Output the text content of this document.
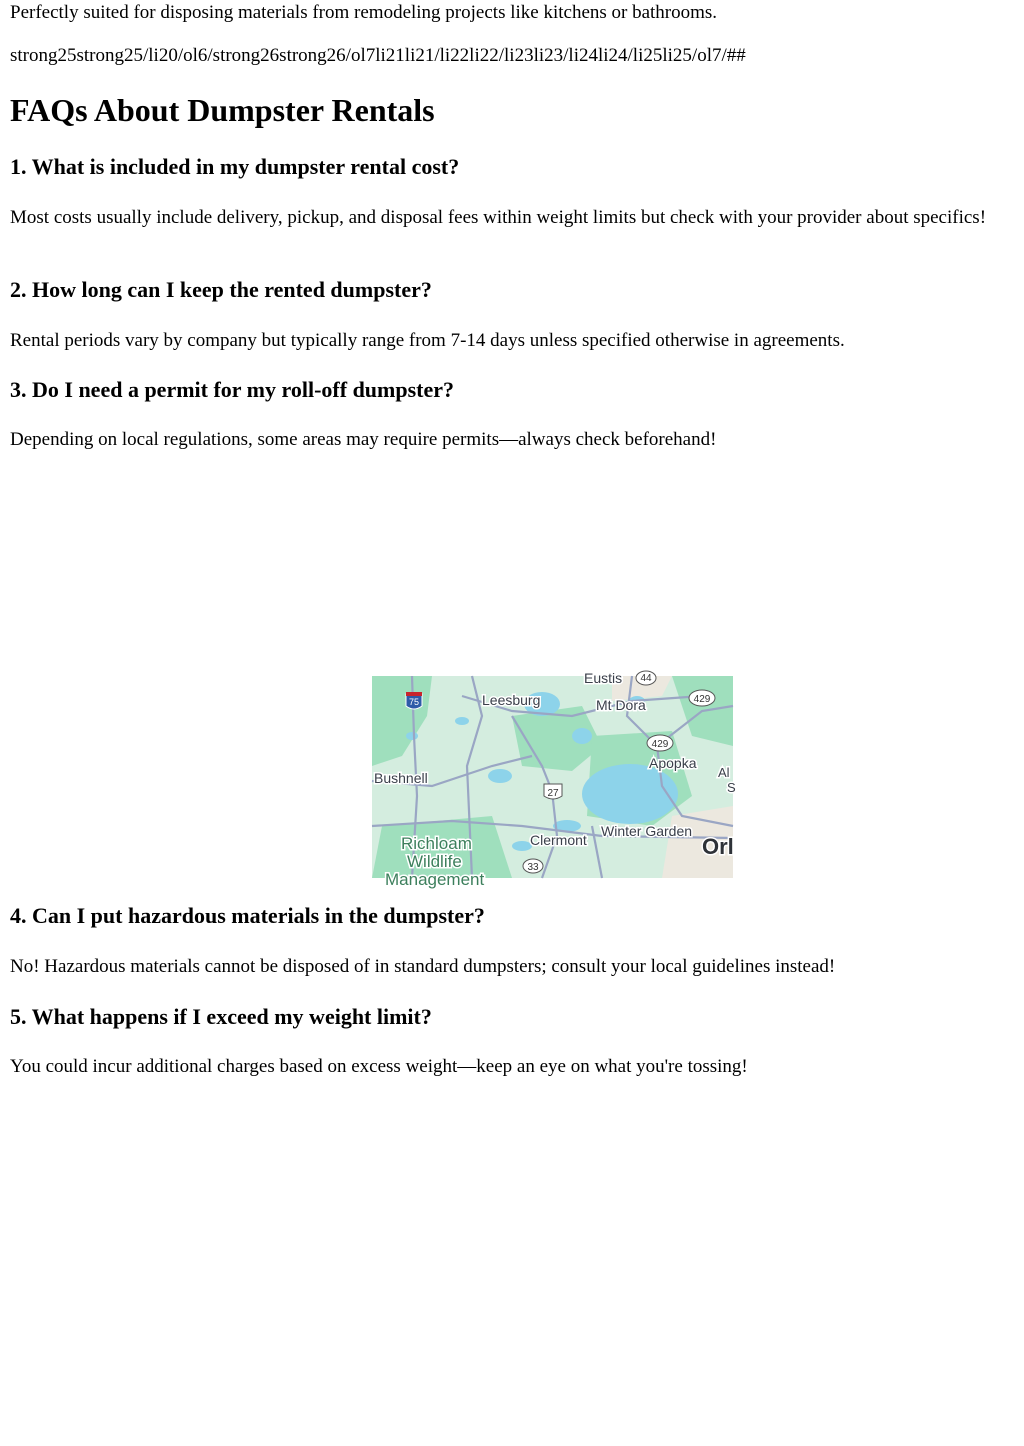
Perfectly suited for disposing materials from remodeling projects like kitchens or bathrooms.

strong25strong25/li20/ol6/strong26strong26/ol7li21li21/li22li22/li23li23/li24li24/li25li25/ol7/##

FAQs About Dumpster Rentals
1. What is included in my dumpster rental cost?

Most costs usually include delivery, pickup, and disposal fees within weight limits but check with your provider about specifics!

2. How long can I keep the rented dumpster?

Rental periods vary by company but typically range from 7-14 days unless specified otherwise in agreements.

3. Do I need a permit for my roll-off dumpster?

Depending on local regulations, some areas may require permits—always check beforehand!

75
44
429
429
27
33
Eustis
Leesburg	Mt Dora
Apopka
Bushnell
Clermont
Winter Garden
Richloam
Wildlife
Management
Orl
Al
S
4. Can I put hazardous materials in the dumpster?

No! Hazardous materials cannot be disposed of in standard dumpsters; consult your local guidelines instead!

5. What happens if I exceed my weight limit?

You could incur additional charges based on excess weight—keep an eye on what you're tossing!
